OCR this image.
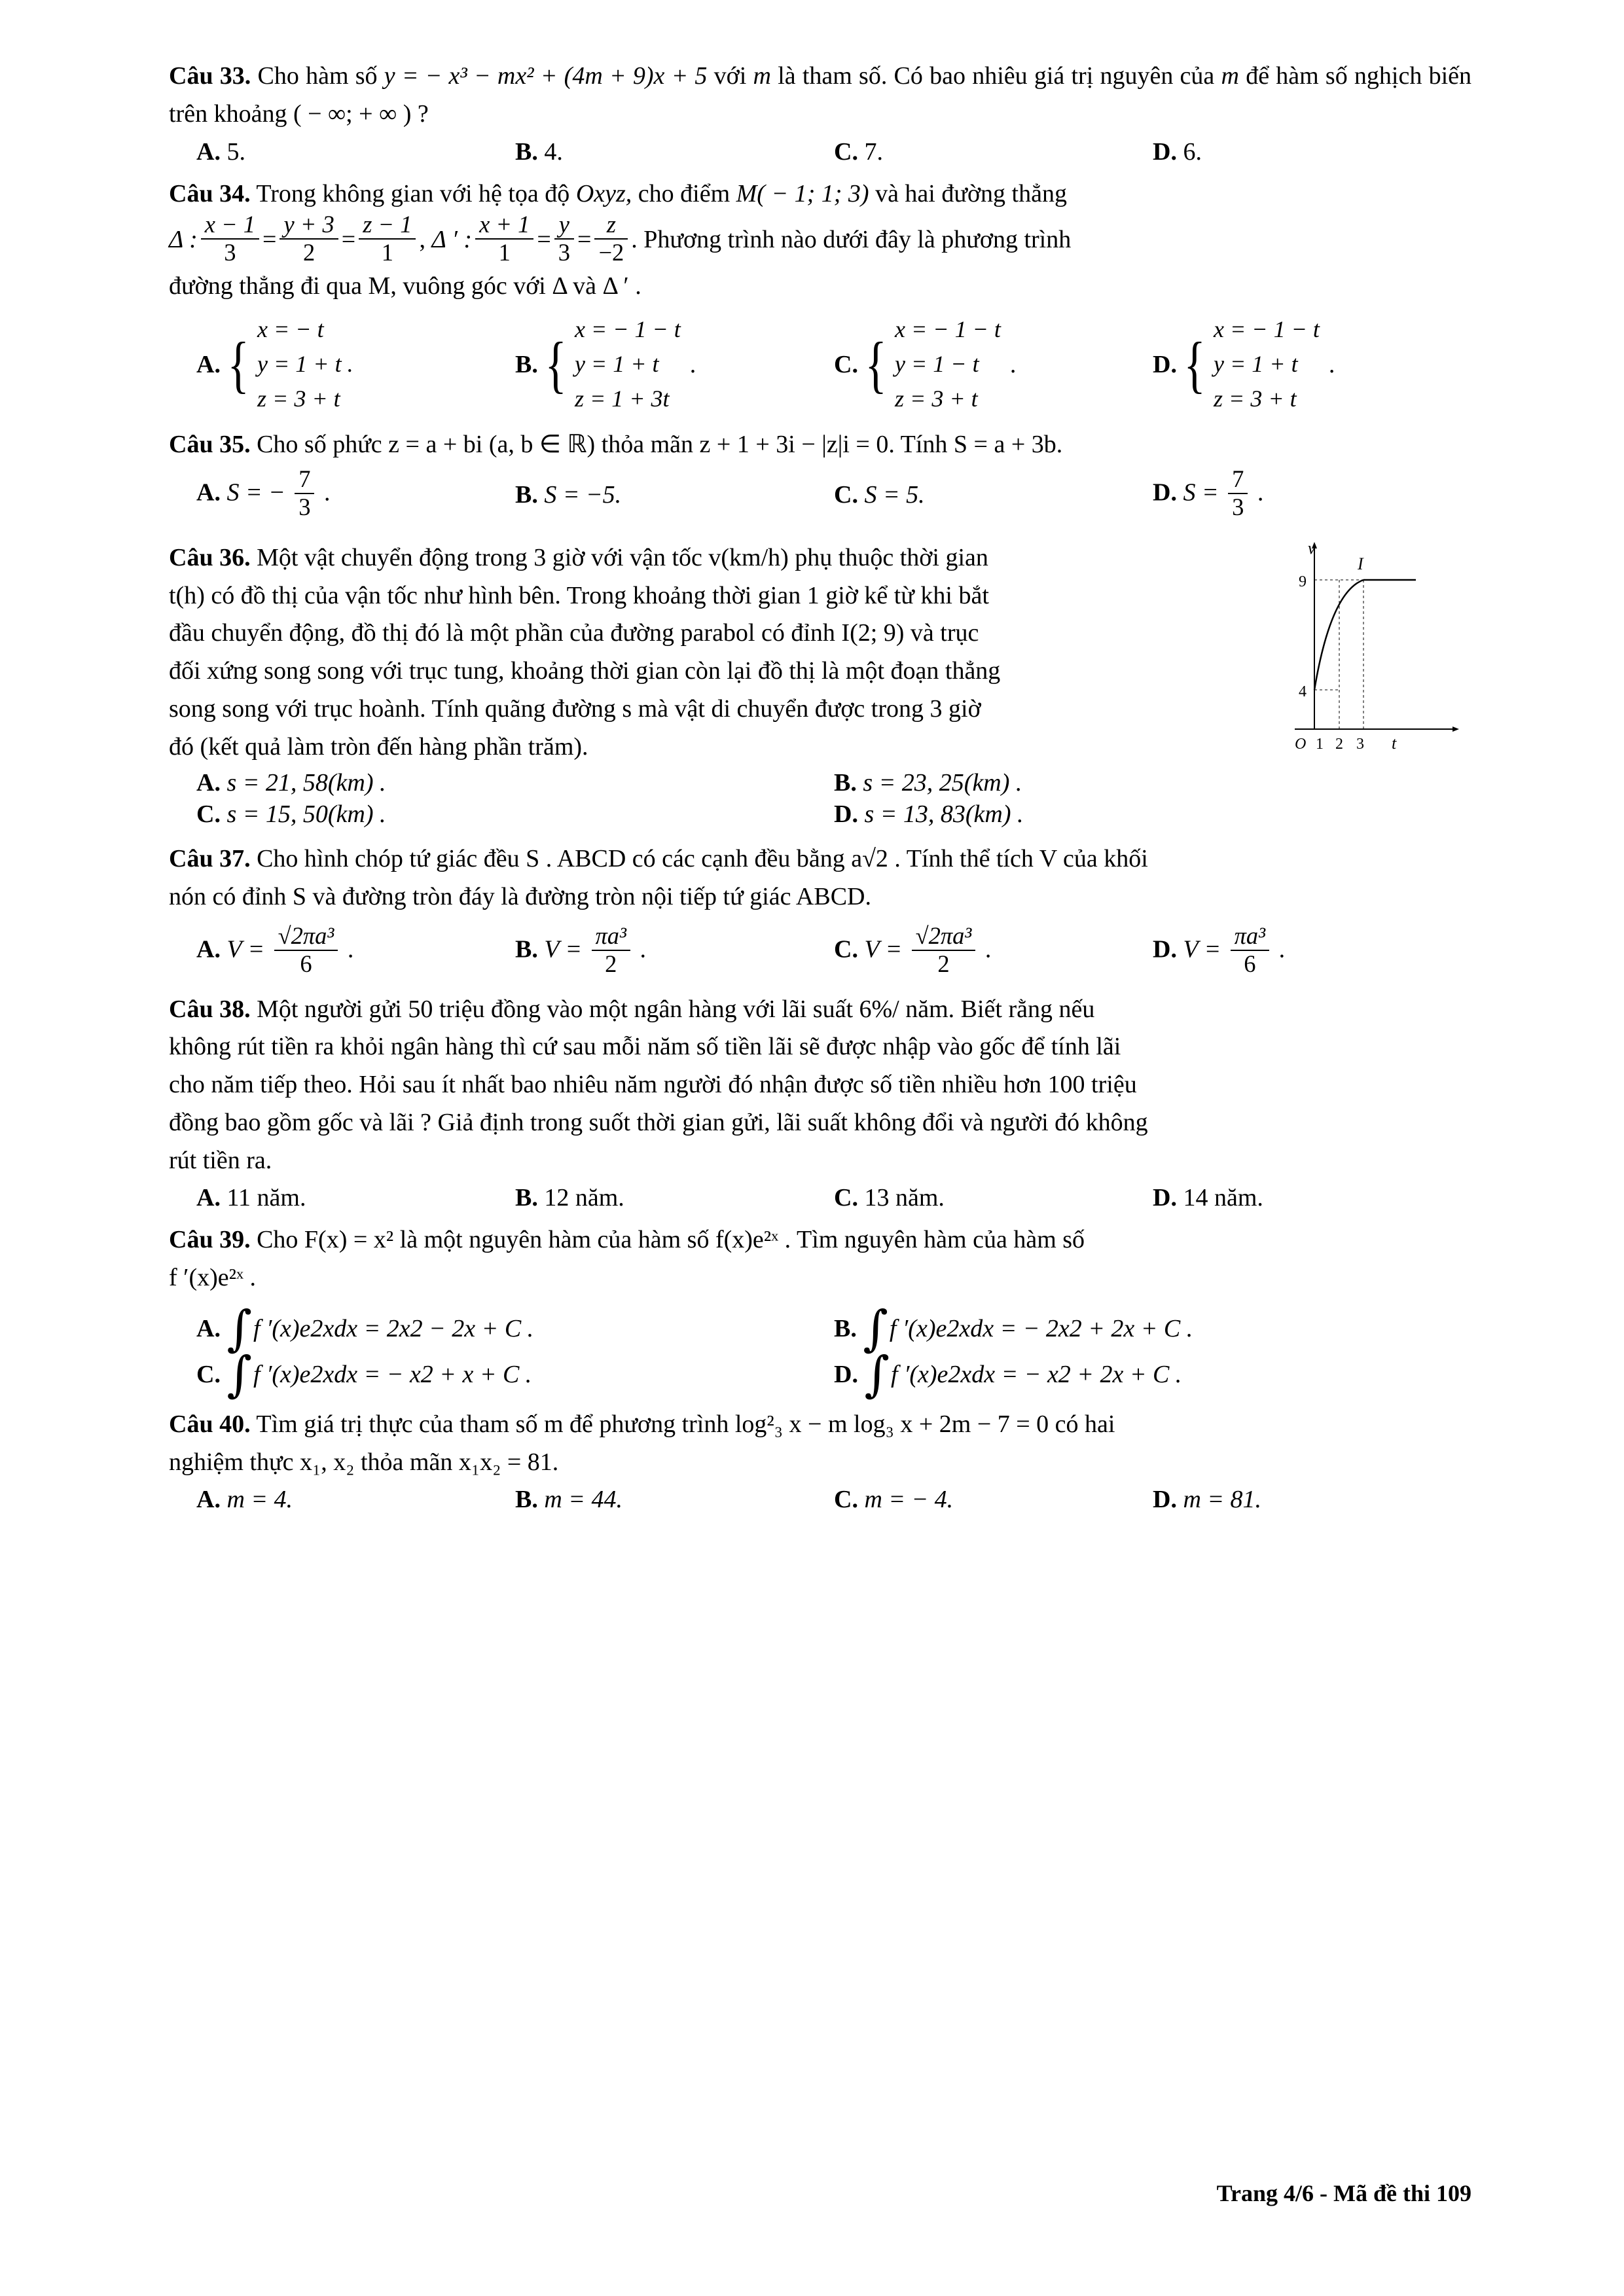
Câu 33. Cho hàm số y = − x³ − mx² + (4m + 9)x + 5 với m là tham số. Có bao nhiêu giá trị nguyên của m để hàm số nghịch biến trên khoảng ( − ∞; + ∞ ) ?
A. 5.	B. 4.	C. 7.	D. 6.
Câu 34. Trong không gian với hệ tọa độ Oxyz, cho điểm M( − 1; 1; 3) và hai đường thẳng
Δ : $\frac{x - 1}{3} = \frac{y + 3}{2} = \frac{z - 1}{1}$ , Δ ′ : $\frac{x + 1}{1} = \frac{y}{3} = \frac{z}{-2}$ . Phương trình nào dưới đây là phương trình
đường thẳng đi qua M, vuông góc với Δ và Δ ′ .
A. {
x = − t
y = 1 + t .
z = 3 + t
B. {
x = − 1 − t
y = 1 + t
z = 1 + 3t
.	C. {
x = − 1 − t
y = 1 − t
z = 3 + t
.	D. {
x = − 1 − t
y = 1 + t
z = 3 + t
.
Câu 35. Cho số phức z = a + bi (a, b ∈ ℝ) thỏa mãn z + 1 + 3i − |z|i = 0. Tính S = a + 3b.
A. S = − $\frac{7}{3}$ .	B. S = −5.	C. S = 5.	D. $S = \frac{7}{3}$ .
Câu 36. Một vật chuyển động trong 3 giờ với vận tốc v(km/h) phụ thuộc thời gian
t(h) có đồ thị của vận tốc như hình bên. Trong khoảng thời gian 1 giờ kể từ khi bắt
đầu chuyển động, đồ thị đó là một phần của đường parabol có đỉnh I(2; 9) và trục
đối xứng song song với trục tung, khoảng thời gian còn lại đồ thị là một đoạn thẳng
song song với trục hoành. Tính quãng đường s mà vật di chuyển được trong 3 giờ
đó (kết quả làm tròn đến hàng phần trăm).
9
4
O 1 2 3 t
v
I
A. s = 21, 58(km) .	B. s = 23, 25(km) .
C. s = 15, 50(km) .	D. s = 13, 83(km) .
Câu 37. Cho hình chóp tứ giác đều S . ABCD có các cạnh đều bằng a√2 . Tính thể tích V của khối
nón có đỉnh S và đường tròn đáy là đường tròn nội tiếp tứ giác ABCD.
A. $V = \frac{\text{√2πa³}}{6}$ .	B. $V = \frac{\text{πa³}}{2}$ .	C. $V = \frac{\text{√2πa³}}{2}$ .	D. $V = \frac{\text{πa³}}{6}$ .
Câu 38. Một người gửi 50 triệu đồng vào một ngân hàng với lãi suất 6%/ năm. Biết rằng nếu
không rút tiền ra khỏi ngân hàng thì cứ sau mỗi năm số tiền lãi sẽ được nhập vào gốc để tính lãi
cho năm tiếp theo. Hỏi sau ít nhất bao nhiêu năm người đó nhận được số tiền nhiều hơn 100 triệu
đồng bao gồm gốc và lãi ? Giả định trong suốt thời gian gửi, lãi suất không đổi và người đó không
rút tiền ra.
A. 11 năm.	B. 12 năm.	C. 13 năm.	D. 14 năm.
Câu 39. Cho F(x) = x² là một nguyên hàm của hàm số f(x)e²ˣ . Tìm nguyên hàm của hàm số
f ′(x)e²ˣ .
A.
∫ f ′(x)e2xdx = 2x2 − 2x + C .	B.
∫ f ′(x)e2xdx = − 2x2 + 2x + C .
C.
∫ f ′(x)e2xdx = − x2 + x + C .	D.
∫ f ′(x)e2xdx = − x2 + 2x + C .
Câu 40. Tìm giá trị thực của tham số m để phương trình log²₃ x − m log₃ x + 2m − 7 = 0 có hai
nghiệm thực x₁, x₂ thỏa mãn x₁x₂ = 81.
A. m = 4.	B. m = 44.	C. m = − 4.	D. m = 81.
Trang 4/6 - Mã đề thi 109
